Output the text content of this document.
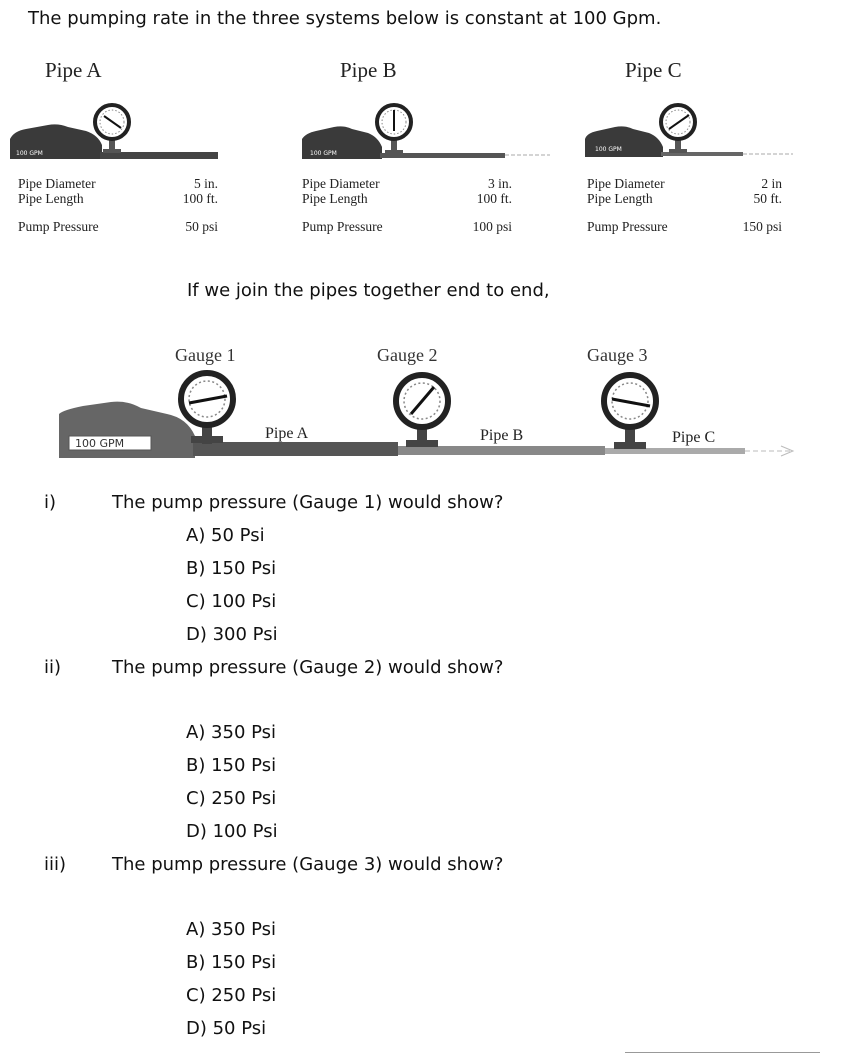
The pumping rate in the three systems below is constant at 100 Gpm.
Pipe A	Pipe B	Pipe C
100 GPM	100 GPM
100 GPM
Pipe Diameter	5 in.
Pipe Length	100 ft.
Pump Pressure	50 psi
Pipe Diameter	3 in.
Pipe Length	100 ft.
Pump Pressure	100 psi
Pipe Diameter	2 in
Pipe Length	50 ft.
Pump Pressure	150 psi
If we join the pipes together end to end,
Gauge 1	Gauge 2	Gauge 3
100 GPM
Pipe A	Pipe B	Pipe C
i)	The pump pressure (Gauge 1) would show?
A) 50 Psi
B) 150 Psi
C) 100 Psi
D) 300 Psi
ii)	The pump pressure (Gauge 2) would show?
A) 350 Psi
B) 150 Psi
C) 250 Psi
D) 100 Psi
iii)	The pump pressure (Gauge 3) would show?
A) 350 Psi
B) 150 Psi
C) 250 Psi
D) 50 Psi
